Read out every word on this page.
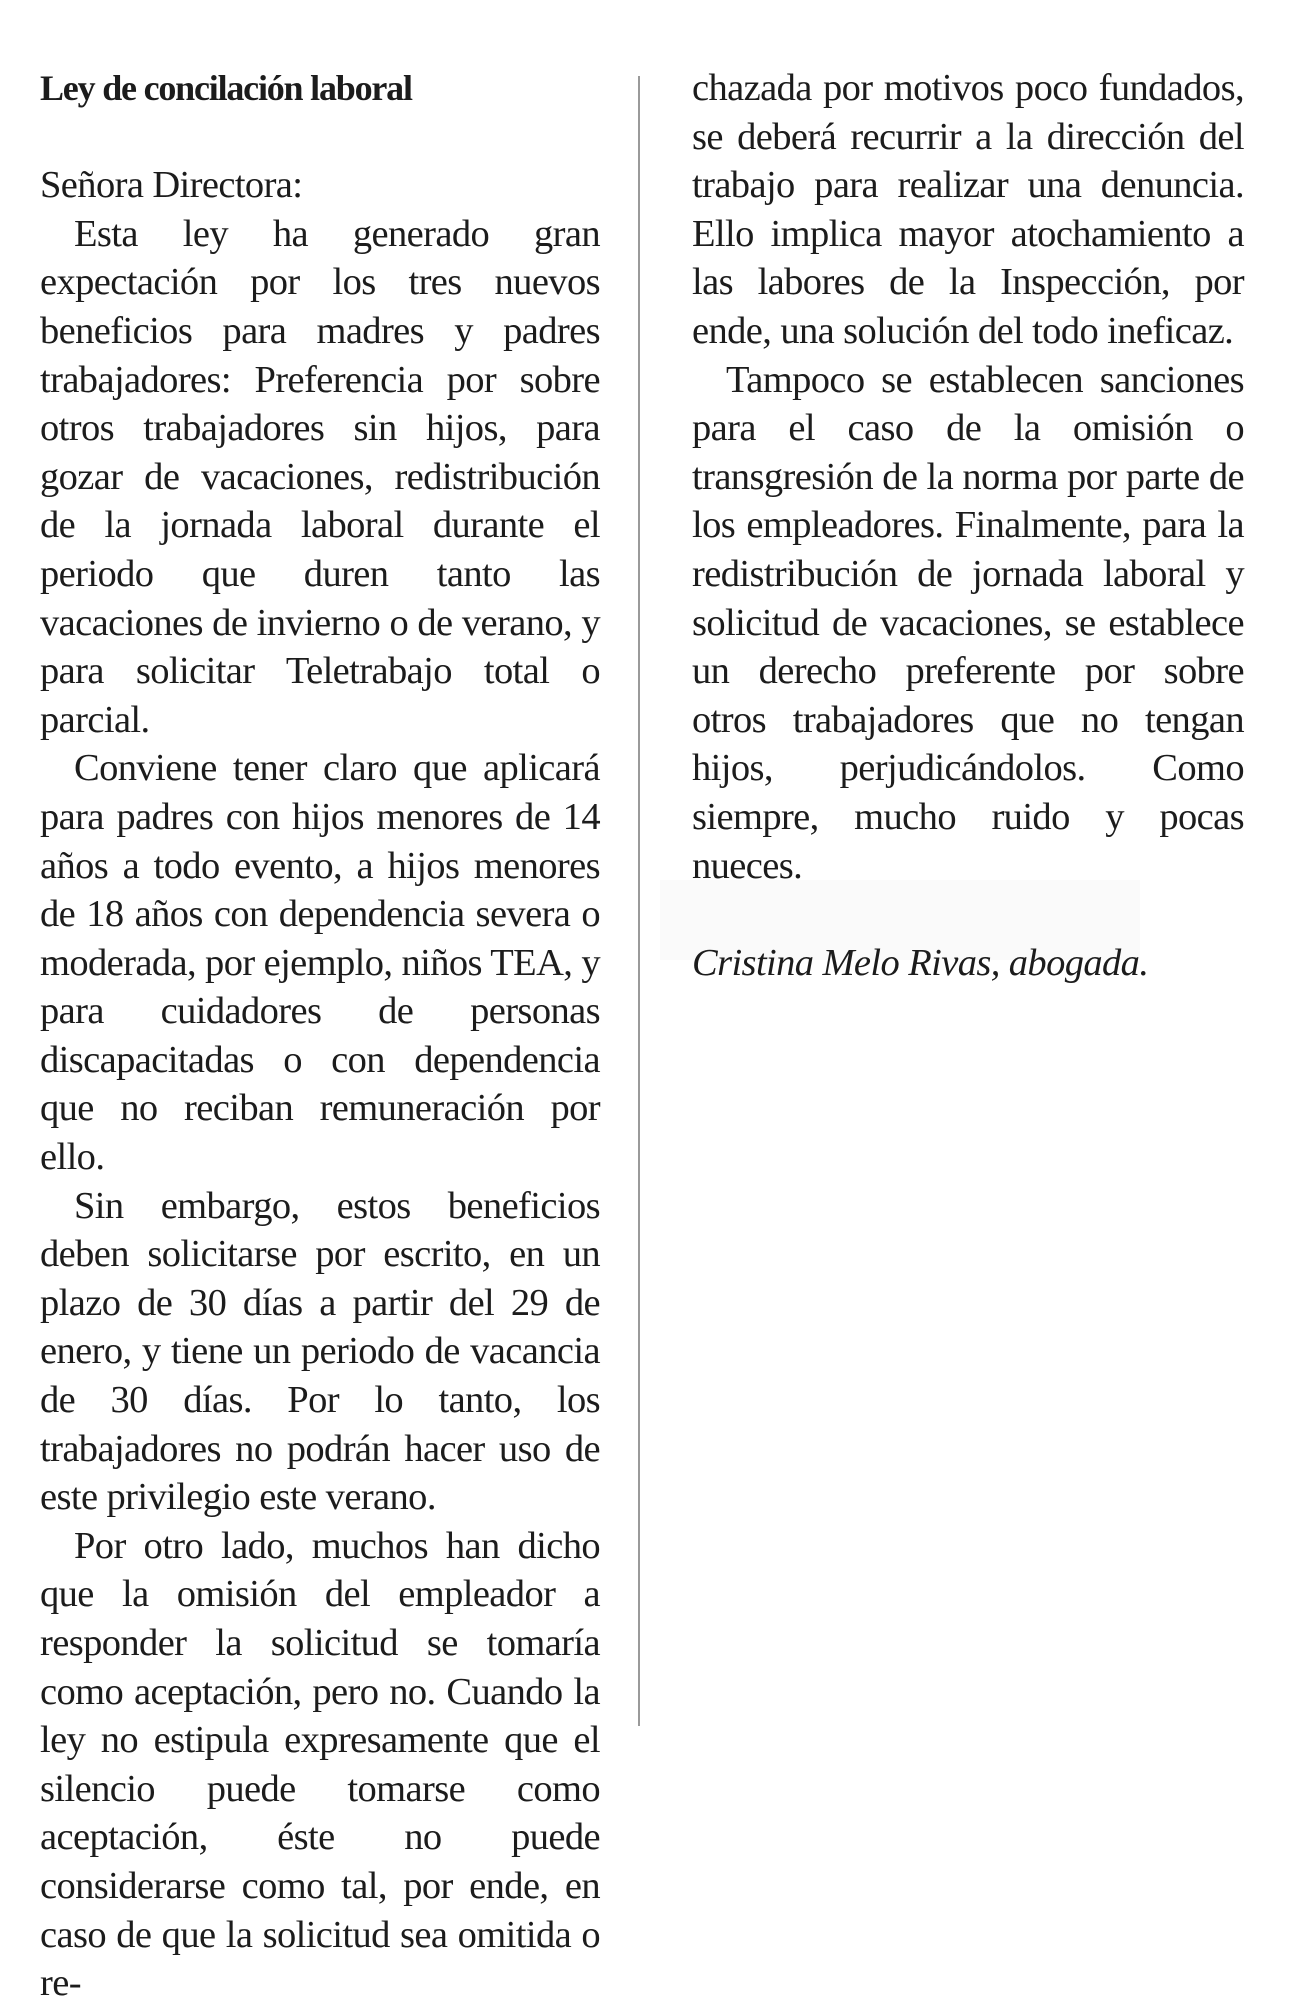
Ley de concilación laboral
Señora Directora:

Esta ley ha generado gran expectación por los tres nuevos beneficios para madres y padres trabajadores: Preferencia por sobre otros trabajadores sin hijos, para gozar de vacaciones, redistribución de la jornada laboral durante el periodo que duren tanto las vacaciones de invierno o de verano, y para solicitar Teletrabajo total o parcial.

Conviene tener claro que aplicará para padres con hijos menores de 14 años a todo evento, a hijos menores de 18 años con dependencia severa o moderada, por ejemplo, niños TEA, y para cuidadores de personas discapacitadas o con dependencia que no reciban remuneración por ello.

Sin embargo, estos beneficios deben solicitarse por escrito, en un plazo de 30 días a partir del 29 de enero, y tiene un periodo de vacancia de 30 días. Por lo tanto, los trabajadores no podrán hacer uso de este privilegio este verano.

Por otro lado, muchos han dicho que la omisión del empleador a responder la solicitud se tomaría como aceptación, pero no. Cuando la ley no estipula expresamente que el silencio puede tomarse como aceptación, éste no puede considerarse como tal, por ende, en caso de que la solicitud sea omitida o re-

chazada por motivos poco fundados, se deberá recurrir a la dirección del trabajo para realizar una denuncia. Ello implica mayor atochamiento a las labores de la Inspección, por ende, una solución del todo ineficaz.

Tampoco se establecen sanciones para el caso de la omisión o transgresión de la norma por parte de los empleadores. Finalmente, para la redistribución de jornada laboral y solicitud de vacaciones, se establece un derecho preferente por sobre otros trabajadores que no tengan hijos, perjudicándolos. Como siempre, mucho ruido y pocas nueces.

Cristina Melo Rivas, abogada.
